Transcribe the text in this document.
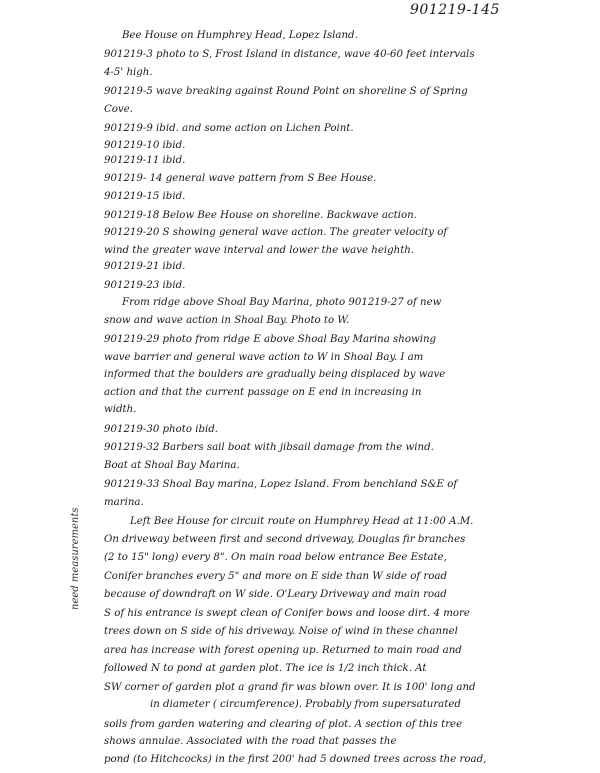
901219-145
need measurements
Bee House on Humphrey Head, Lopez Island.
901219-3 photo to S, Frost Island in distance, wave 40-60 feet intervals
4-5' high.
901219-5 wave breaking against Round Point on shoreline S of Spring
Cove.
901219-9 ibid. and some action on Lichen Point.
901219-10 ibid.
901219-11 ibid.
901219- 14 general wave pattern from S Bee House.
901219-15 ibid.
901219-18 Below Bee House on shoreline. Backwave action.
901219-20 S showing general wave action. The greater velocity of
wind the greater wave interval and lower the wave heighth.
901219-21 ibid.
901219-23 ibid.
From ridge above Shoal Bay Marina, photo 901219-27 of new
snow and wave action in Shoal Bay. Photo to W.
901219-29 photo from ridge E above Shoal Bay Marina showing
wave barrier and general wave action to W in Shoal Bay. I am
informed that the boulders are gradually being displaced by wave
action and that the current passage on E end in increasing in
width.
901219-30 photo ibid.
901219-32 Barbers sail boat with jibsail damage from the wind.
Boat at Shoal Bay Marina.
901219-33 Shoal Bay marina, Lopez Island. From benchland S&E of
marina.
Left Bee House for circuit route on Humphrey Head at 11:00 A.M.
On driveway between first and second driveway, Douglas fir branches
(2 to 15" long) every 8". On main road below entrance Bee Estate,
Conifer branches every 5" and more on E side than W side of road
because of downdraft on W side. O'Leary Driveway and main road
S of his entrance is swept clean of Conifer bows and loose dirt. 4 more
trees down on S side of his driveway. Noise of wind in these channel
area has increase with forest opening up. Returned to main road and
followed N to pond at garden plot. The ice is 1/2 inch thick. At
SW corner of garden plot a grand fir was blown over. It is 100' long and
in diameter ( circumference). Probably from supersaturated
soils from garden watering and clearing of plot. A section of this tree
shows annulae. Associated with the road that passes the
pond (to Hitchcocks) in the first 200' had 5 downed trees across the road,
